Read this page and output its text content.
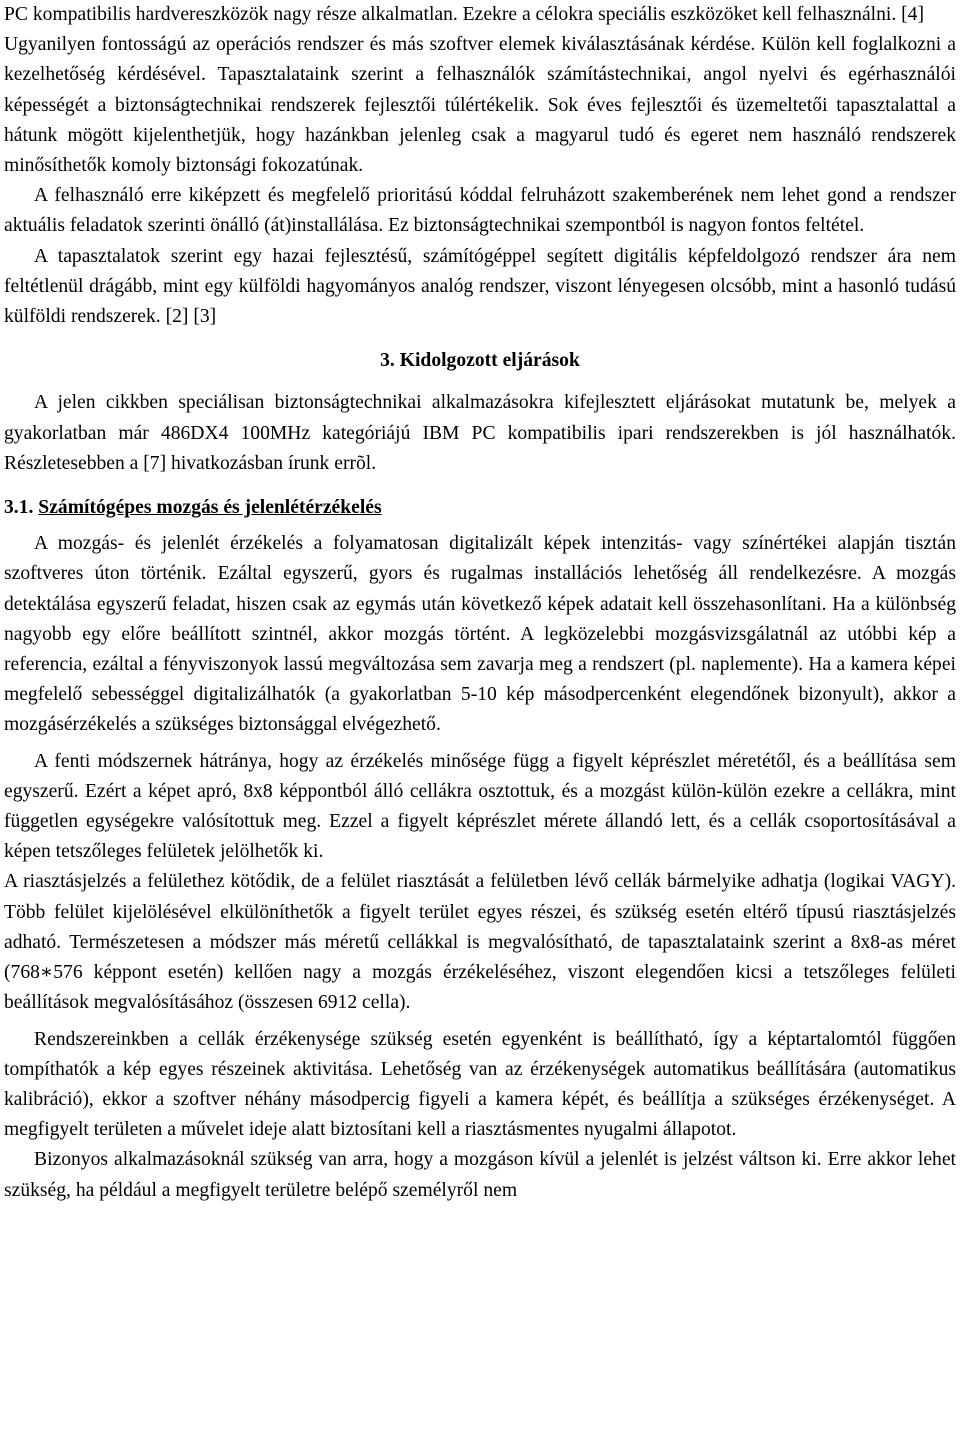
PC kompatibilis hardvereszközök nagy része alkalmatlan. Ezekre a célokra speciális eszközöket kell felhasználni. [4]

Ugyanilyen fontosságú az operációs rendszer és más szoftver elemek kiválasztásának kérdése. Külön kell foglalkozni a kezelhetőség kérdésével. Tapasztalataink szerint a felhasználók számítástechnikai, angol nyelvi és egérhasználói képességét a biztonságtechnikai rendszerek fejlesztői túlértékelik. Sok éves fejlesztői és üzemeltetői tapasztalattal a hátunk mögött kijelenthetjük, hogy hazánkban jelenleg csak a magyarul tudó és egeret nem használó rendszerek minősíthetők komoly biztonsági fokozatúnak.

A felhasználó erre kiképzett és megfelelő prioritású kóddal felruházott szakemberének nem lehet gond a rendszer aktuális feladatok szerinti önálló (át)installálása. Ez biztonságtechnikai szempontból is nagyon fontos feltétel.

A tapasztalatok szerint egy hazai fejlesztésű, számítógéppel segített digitális képfeldolgozó rendszer ára nem feltétlenül drágább, mint egy külföldi hagyományos analóg rendszer, viszont lényegesen olcsóbb, mint a hasonló tudású külföldi rendszerek. [2] [3]

3. Kidolgozott eljárások

A jelen cikkben speciálisan biztonságtechnikai alkalmazásokra kifejlesztett eljárásokat mutatunk be, melyek a gyakorlatban már 486DX4 100MHz kategóriájú IBM PC kompatibilis ipari rendszerekben is jól használhatók. Részletesebben a [7] hivatkozásban írunk errõl.

3.1. Számítógépes mozgás és jelenlétérzékelés

A mozgás- és jelenlét érzékelés a folyamatosan digitalizált képek intenzitás- vagy színértékei alapján tisztán szoftveres úton történik. Ezáltal egyszerű, gyors és rugalmas installációs lehetőség áll rendelkezésre. A mozgás detektálása egyszerű feladat, hiszen csak az egymás után következő képek adatait kell összehasonlítani. Ha a különbség nagyobb egy előre beállított szintnél, akkor mozgás történt. A legközelebbi mozgásvizsgálatnál az utóbbi kép a referencia, ezáltal a fényviszonyok lassú megváltozása sem zavarja meg a rendszert (pl. naplemente). Ha a kamera képei megfelelő sebességgel digitalizálhatók (a gyakorlatban 5-10 kép másodpercenként elegendőnek bizonyult), akkor a mozgásérzékelés a szükséges biztonsággal elvégezhető.

A fenti módszernek hátránya, hogy az érzékelés minősége függ a figyelt képrészlet méretétől, és a beállítása sem egyszerű. Ezért a képet apró, 8x8 képpontból álló cellákra osztottuk, és a mozgást külön-külön ezekre a cellákra, mint független egységekre valósítottuk meg. Ezzel a figyelt képrészlet mérete állandó lett, és a cellák csoportosításával a képen tetszőleges felületek jelölhetők ki.

A riasztásjelzés a felülethez kötődik, de a felület riasztását a felületben lévő cellák bármelyike adhatja (logikai VAGY). Több felület kijelölésével elkülöníthetők a figyelt terület egyes részei, és szükség esetén eltérő típusú riasztásjelzés adható. Természetesen a módszer más méretű cellákkal is megvalósítható, de tapasztalataink szerint a 8x8-as méret (768∗576 képpont esetén) kellően nagy a mozgás érzékeléséhez, viszont elegendően kicsi a tetszőleges felületi beállítások megvalósításához (összesen 6912 cella).

Rendszereinkben a cellák érzékenysége szükség esetén egyenként is beállítható, így a képtartalomtól függően tompíthatók a kép egyes részeinek aktivitása. Lehetőség van az érzékenységek automatikus beállítására (automatikus kalibráció), ekkor a szoftver néhány másodpercig figyeli a kamera képét, és beállítja a szükséges érzékenységet. A megfigyelt területen a művelet ideje alatt biztosítani kell a riasztásmentes nyugalmi állapotot.

Bizonyos alkalmazásoknál szükség van arra, hogy a mozgáson kívül a jelenlét is jelzést váltson ki. Erre akkor lehet szükség, ha például a megfigyelt területre belépő személyről nem
